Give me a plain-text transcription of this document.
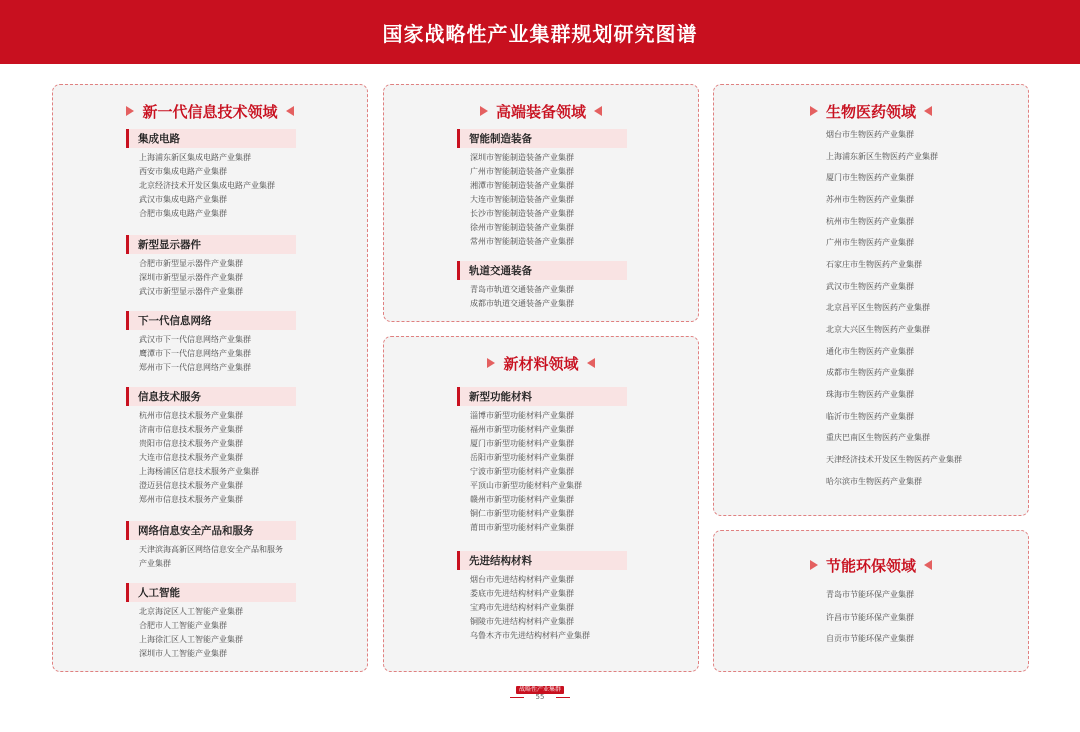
国家战略性产业集群规划研究图谱
新一代信息技术领域
集成电路
上海浦东新区集成电路产业集群
西安市集成电路产业集群
北京经济技术开发区集成电路产业集群
武汉市集成电路产业集群
合肥市集成电路产业集群
新型显示器件
合肥市新型显示器件产业集群
深圳市新型显示器件产业集群
武汉市新型显示器件产业集群
下一代信息网络
武汉市下一代信息网络产业集群
鹰潭市下一代信息网络产业集群
郑州市下一代信息网络产业集群
信息技术服务
杭州市信息技术服务产业集群
济南市信息技术服务产业集群
贵阳市信息技术服务产业集群
大连市信息技术服务产业集群
上海杨浦区信息技术服务产业集群
澄迈县信息技术服务产业集群
郑州市信息技术服务产业集群
网络信息安全产品和服务
天津滨海高新区网络信息安全产品和服务产业集群
人工智能
北京海淀区人工智能产业集群
合肥市人工智能产业集群
上海徐汇区人工智能产业集群
深圳市人工智能产业集群
高端装备领域
智能制造装备
深圳市智能制造装备产业集群
广州市智能制造装备产业集群
湘潭市智能制造装备产业集群
大连市智能制造装备产业集群
长沙市智能制造装备产业集群
徐州市智能制造装备产业集群
常州市智能制造装备产业集群
轨道交通装备
青岛市轨道交通装备产业集群
成都市轨道交通装备产业集群
新材料领域
新型功能材料
淄博市新型功能材料产业集群
福州市新型功能材料产业集群
厦门市新型功能材料产业集群
岳阳市新型功能材料产业集群
宁波市新型功能材料产业集群
平顶山市新型功能材料产业集群
赣州市新型功能材料产业集群
铜仁市新型功能材料产业集群
莆田市新型功能材料产业集群
先进结构材料
烟台市先进结构材料产业集群
娄底市先进结构材料产业集群
宝鸡市先进结构材料产业集群
铜陵市先进结构材料产业集群
乌鲁木齐市先进结构材料产业集群
生物医药领域
烟台市生物医药产业集群
上海浦东新区生物医药产业集群
厦门市生物医药产业集群
苏州市生物医药产业集群
杭州市生物医药产业集群
广州市生物医药产业集群
石家庄市生物医药产业集群
武汉市生物医药产业集群
北京昌平区生物医药产业集群
北京大兴区生物医药产业集群
通化市生物医药产业集群
成都市生物医药产业集群
珠海市生物医药产业集群
临沂市生物医药产业集群
重庆巴南区生物医药产业集群
天津经济技术开发区生物医药产业集群
哈尔滨市生物医药产业集群
节能环保领域
青岛市节能环保产业集群
许昌市节能环保产业集群
自贡市节能环保产业集群
战略性产业集群
55
